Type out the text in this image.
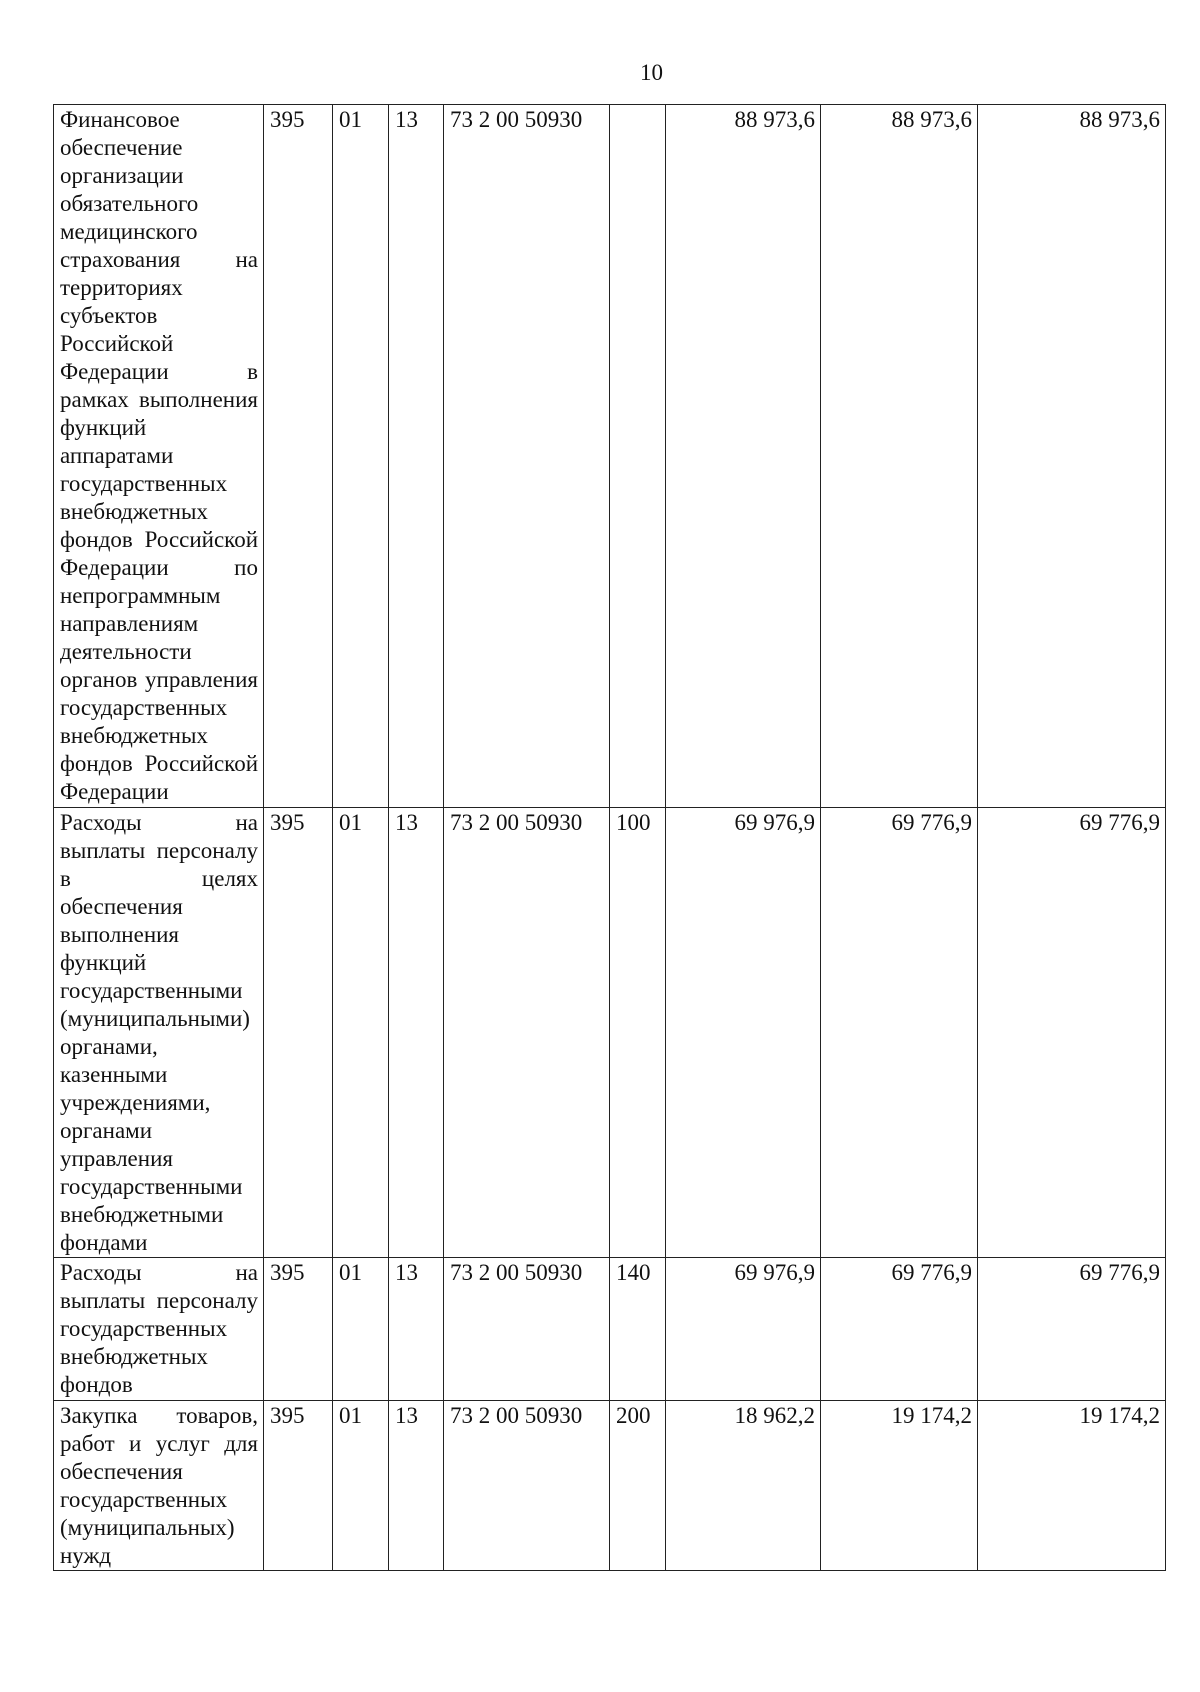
10
Финансовое обеспечение организации обязательного медицинского страхования на территориях субъектов Российской Федерации в рамках выполнения функций аппаратами государственных внебюджетных фондов Российской Федерации по непрограммным направлениям деятельности органов управления государственных внебюджетных фондов Российской Федерации	395	01	13	73 2 00 50930		88 973,6	88 973,6	88 973,6
Расходы на выплаты персоналу в целях обеспечения выполнения функций государственными (муниципальными) органами, казенными учреждениями, органами управления государственными внебюджетными фондами	395	01	13	73 2 00 50930	100	69 976,9	69 776,9	69 776,9
Расходы на выплаты персоналу государственных внебюджетных фондов	395	01	13	73 2 00 50930	140	69 976,9	69 776,9	69 776,9
Закупка товаров, работ и услуг для обеспечения государственных (муниципальных) нужд	395	01	13	73 2 00 50930	200	18 962,2	19 174,2	19 174,2
